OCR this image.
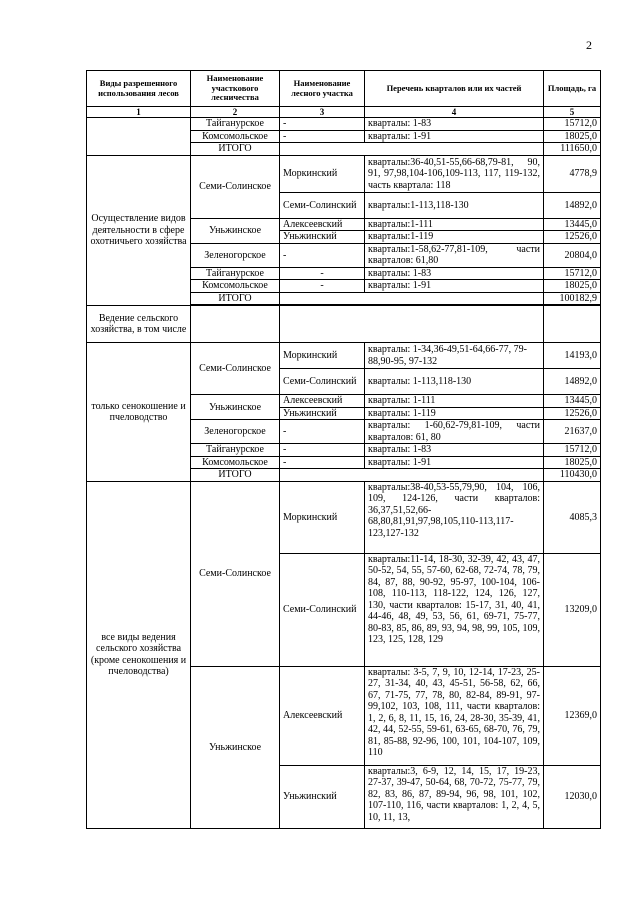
2
Виды разрешенного использования лесов	Наименование участкового лесничества	Наименование лесного участка	Перечень кварталов или их частей	Площадь, га
1	2	3	4	5
	Тайганурское	-	кварталы: 1-83	15712,0
	Комсомольское	-	кварталы: 1-91	18025,0
	ИТОГО			111650,0
Осуществление видов деятельности в сфере охотничьего хозяйства	Семи-Солинское	Моркинский	кварталы:36-40,51-55,66-68,79-81, 90, 91, 97,98,104-106,109-113, 117, 119-132, часть квартала: 118	4778,9
		Семи-Солинский	кварталы:1-113,118-130	14892,0
	Уньжинское	Алексеевский	кварталы:1-111	13445,0
		Уньжинский	кварталы:1-119	12526,0
	Зеленогорское	-	кварталы:1-58,62-77,81-109, части кварталов: 61,80	20804,0
	Тайганурское	-	кварталы: 1-83	15712,0
	Комсомольское	-	кварталы: 1-91	18025,0
	ИТОГО			100182,9

Ведение сельского хозяйства, в том числе				
только сенокошение и пчеловодство	Семи-Солинское	Моркинский	кварталы: 1-34,36-49,51-64,66-77, 79-88,90-95, 97-132	14193,0
		Семи-Солинский	кварталы: 1-113,118-130	14892,0
	Уньжинское	Алексеевский	кварталы: 1-111	13445,0
		Уньжинский	кварталы: 1-119	12526,0
	Зеленогорское	-	кварталы: 1-60,62-79,81-109, части кварталов: 61, 80	21637,0
	Тайганурское	-	кварталы: 1-83	15712,0
	Комсомольское	-	кварталы: 1-91	18025,0
	ИТОГО			110430,0
все виды ведения сельского хозяйства (кроме сенокошения и пчеловодства)	Семи-Солинское	Моркинский	кварталы:38-40,53-55,79,90, 104, 106, 109, 124-126, части кварталов: 36,37,51,52,66-68,80,81,91,97,98,105,110-113,117-123,127-132	4085,3
		Семи-Солинский	кварталы:11-14, 18-30, 32-39, 42, 43, 47, 50-52, 54, 55, 57-60, 62-68, 72-74, 78, 79, 84, 87, 88, 90-92, 95-97, 100-104, 106-108, 110-113, 118-122, 124, 126, 127, 130, части кварталов: 15-17, 31, 40, 41, 44-46, 48, 49, 53, 56, 61, 69-71, 75-77, 80-83, 85, 86, 89, 93, 94, 98, 99, 105, 109, 123, 125, 128, 129	13209,0
	Уньжинское	Алексеевский	кварталы: 3-5, 7, 9, 10, 12-14, 17-23, 25-27, 31-34, 40, 43, 45-51, 56-58, 62, 66, 67, 71-75, 77, 78, 80, 82-84, 89-91, 97-99,102, 103, 108, 111, части кварталов: 1, 2, 6, 8, 11, 15, 16, 24, 28-30, 35-39, 41, 42, 44, 52-55, 59-61, 63-65, 68-70, 76, 79, 81, 85-88, 92-96, 100, 101, 104-107, 109, 110	12369,0
		Уньжинский	кварталы:3, 6-9, 12, 14, 15, 17, 19-23, 27-37, 39-47, 50-64, 68, 70-72, 75-77, 79, 82, 83, 86, 87, 89-94, 96, 98, 101, 102, 107-110, 116, части кварталов: 1, 2, 4, 5, 10, 11, 13,	12030,0
